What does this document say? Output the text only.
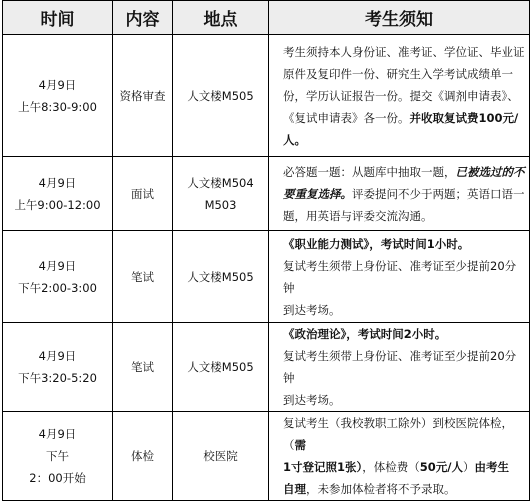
时间	内容	地点	考生须知

4月9日
上午8:30-9:00	资格审查	人文楼M505	考生须持本人身份证、准考证、学位证、毕业证
原件及复印件一份、研究生入学考试成绩单一
份，学历认证报告一份。提交《调剂申请表》、
《复试申请表》各一份。并收取复试费100元/
人。

4月9日
上午9:00-12:00	面试	人文楼M504
M503	必答题一题：从题库中抽取一题，已被选过的不
要重复选择。评委提问不少于两题；英语口语一
题，用英语与评委交流沟通。

4月9日
下午2:00-3:00	笔试	人文楼M505	《职业能力测试》，考试时间1小时。
复试考生须带上身份证、准考证至少提前20分钟
到达考场。

4月9日
下午3:20-5:20	笔试	人文楼M505	《政治理论》，考试时间2小时。
复试考生须带上身份证、准考证至少提前20分钟
到达考场。

4月9日
下午
2：00开始	体检	校医院	复试考生（我校教职工除外）到校医院体检，（需
1寸登记照1张），体检费（50元/人）由考生
自理，未参加体检者将不予录取。
